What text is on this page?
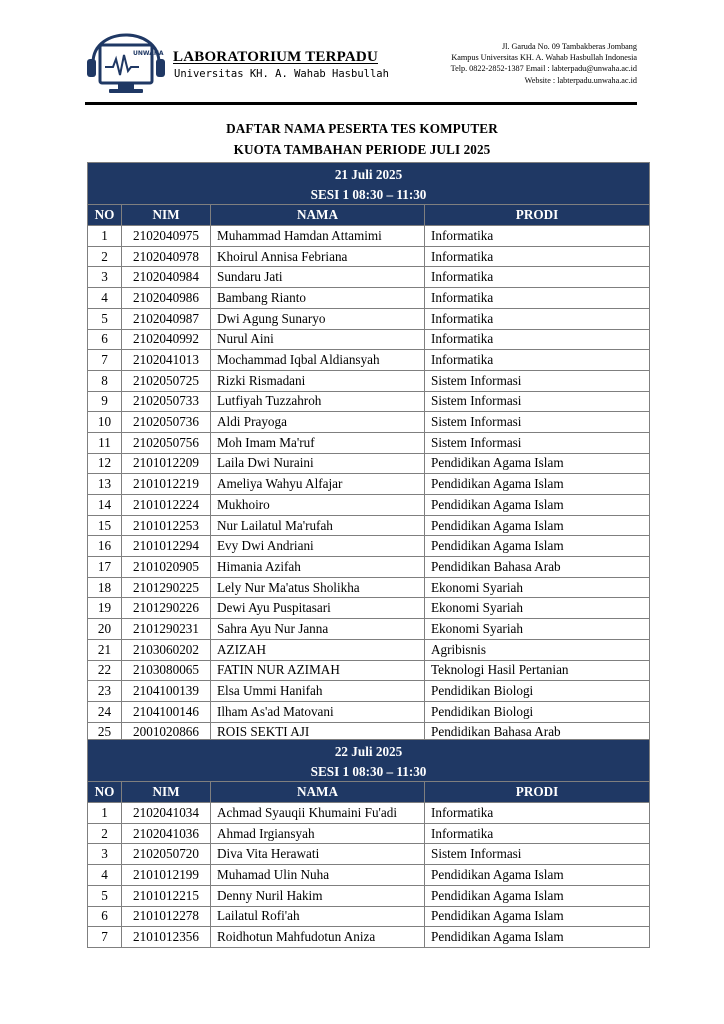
UNWAHA LABORATORIUM TERPADU
Universitas KH. A. Wahab Hasbullah
Jl. Garuda No. 09 Tambakberas Jombang
Kampus Universitas KH. A. Wahab Hasbullah Indonesia
Telp. 0822-2852-1387 Email : labterpadu@unwaha.ac.id
Website : labterpadu.unwaha.ac.id
DAFTAR NAMA PESERTA TES KOMPUTER
KUOTA TAMBAHAN PERIODE JULI 2025
21 Juli 2025			
SESI 1 08:30 – 11:30			
NO	NIM	NAMA	PRODI
1	2102040975	Muhammad Hamdan Attamimi	Informatika
2	2102040978	Khoirul Annisa Febriana	Informatika
3	2102040984	Sundaru Jati	Informatika
4	2102040986	Bambang Rianto	Informatika
5	2102040987	Dwi Agung Sunaryo	Informatika
6	2102040992	Nurul Aini	Informatika
7	2102041013	Mochammad Iqbal Aldiansyah	Informatika
8	2102050725	Rizki Rismadani	Sistem Informasi
9	2102050733	Lutfiyah Tuzzahroh	Sistem Informasi
10	2102050736	Aldi Prayoga	Sistem Informasi
11	2102050756	Moh Imam Ma'ruf	Sistem Informasi
12	2101012209	Laila Dwi Nuraini	Pendidikan Agama Islam
13	2101012219	Ameliya Wahyu Alfajar	Pendidikan Agama Islam
14	2101012224	Mukhoiro	Pendidikan Agama Islam
15	2101012253	Nur Lailatul Ma'rufah	Pendidikan Agama Islam
16	2101012294	Evy Dwi Andriani	Pendidikan Agama Islam
17	2101020905	Himania Azifah	Pendidikan Bahasa Arab
18	2101290225	Lely Nur Ma'atus Sholikha	Ekonomi Syariah
19	2101290226	Dewi Ayu Puspitasari	Ekonomi Syariah
20	2101290231	Sahra Ayu Nur Janna	Ekonomi Syariah
21	2103060202	AZIZAH	Agribisnis
22	2103080065	FATIN NUR AZIMAH	Teknologi Hasil Pertanian
23	2104100139	Elsa Ummi Hanifah	Pendidikan Biologi
24	2104100146	Ilham As'ad Matovani	Pendidikan Biologi
25	2001020866	ROIS SEKTI AJI	Pendidikan Bahasa Arab
22 Juli 2025			
SESI 1 08:30 – 11:30			
NO	NIM	NAMA	PRODI
1	2102041034	Achmad Syauqii Khumaini Fu'adi	Informatika
2	2102041036	Ahmad Irgiansyah	Informatika
3	2102050720	Diva Vita Herawati	Sistem Informasi
4	2101012199	Muhamad Ulin Nuha	Pendidikan Agama Islam
5	2101012215	Denny Nuril Hakim	Pendidikan Agama Islam
6	2101012278	Lailatul Rofi'ah	Pendidikan Agama Islam
7	2101012356	Roidhotun Mahfudotun Aniza	Pendidikan Agama Islam
